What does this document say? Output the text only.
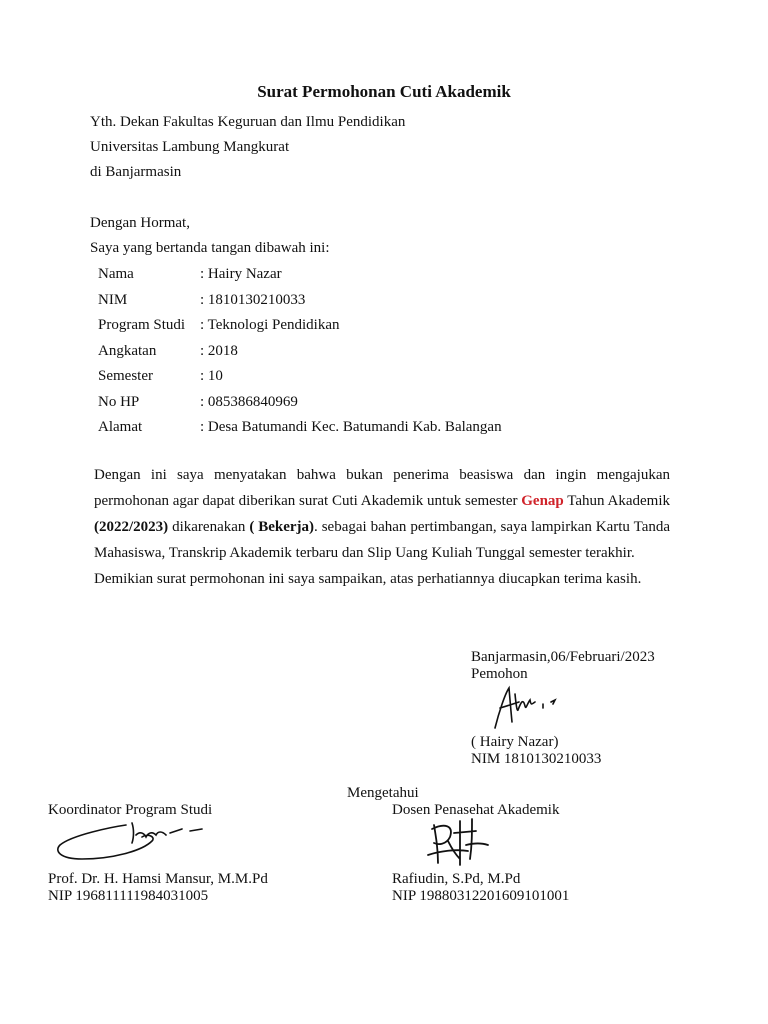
Surat Permohonan Cuti Akademik
Yth. Dekan Fakultas Keguruan dan Ilmu Pendidikan
Universitas Lambung Mangkurat
di Banjarmasin
Dengan Hormat,
Saya yang bertanda tangan dibawah ini:
Nama	: Hairy Nazar
NIM	: 1810130210033
Program Studi : Teknologi Pendidikan
Angkatan	: 2018
Semester	: 10
No HP	: 085386840969
Alamat	: Desa Batumandi Kec. Batumandi Kab. Balangan

Dengan ini saya menyatakan bahwa bukan penerima beasiswa dan ingin mengajukan permohonan agar dapat diberikan surat Cuti Akademik untuk semester Genap Tahun Akademik (2022/2023) dikarenakan ( Bekerja). sebagai bahan pertimbangan, saya lampirkan Kartu Tanda Mahasiswa, Transkrip Akademik terbaru dan Slip Uang Kuliah Tunggal semester terakhir.

Demikian surat permohonan ini saya sampaikan, atas perhatiannya diucapkan terima kasih.

Banjarmasin,06/Februari/2023
Pemohon
( Hairy Nazar)
NIM 1810130210033
Mengetahui
Koordinator Program Studi	Dosen Penasehat Akademik
Prof. Dr. H. Hamsi Mansur, M.M.Pd
NIP 196811111984031005
Rafiudin, S.Pd, M.Pd
NIP 19880312201609101001
